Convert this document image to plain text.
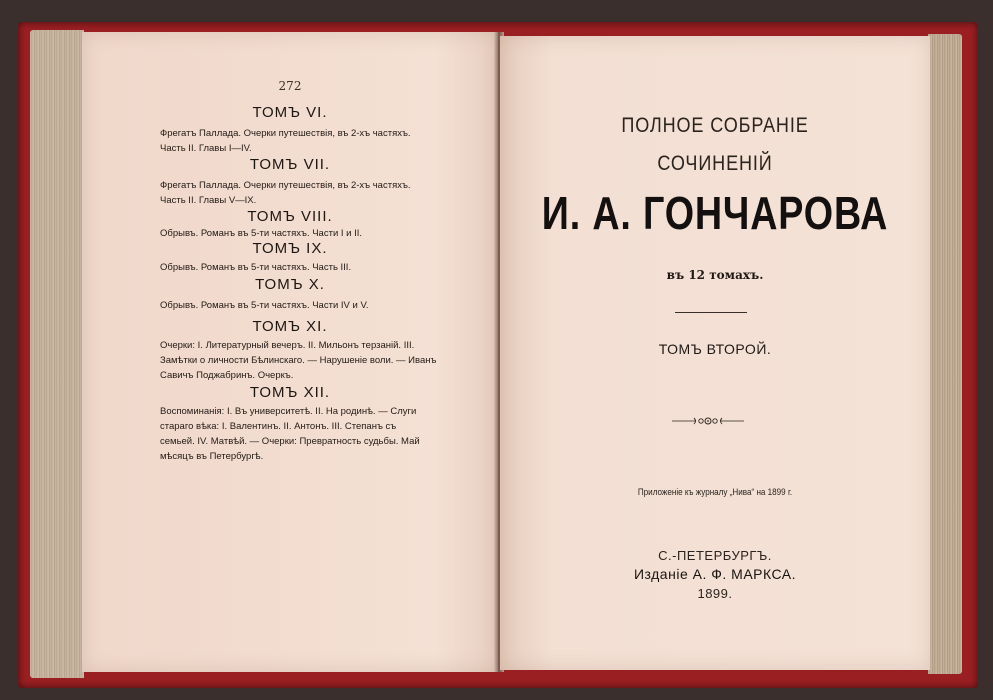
272
ТОМЪ VI.
Фрегатъ Паллада. Очерки путешествія, въ 2-хъ частяхъ.
Часть II. Главы I—IV.
ТОМЪ VII.
Фрегатъ Паллада. Очерки путешествія, въ 2-хъ частяхъ.
Часть II. Главы V—IX.
ТОМЪ VIII.
Обрывъ. Романъ въ 5-ти частяхъ. Части I и II.
ТОМЪ IX.
Обрывъ. Романъ въ 5-ти частяхъ. Часть III.
ТОМЪ X.
Обрывъ. Романъ въ 5-ти частяхъ. Части IV и V.
ТОМЪ XI.
Очерки: I. Литературный вечеръ. II. Мильонъ терзаній. III.
Замѣтки о личности Бѣлинскаго. — Нарушеніе воли. — Иванъ
Савичъ Поджабринъ. Очеркъ.
ТОМЪ XII.
Воспоминанія: I. Въ университетѣ. II. На родинѣ. — Слуги
стараго вѣка: I. Валентинъ. II. Антонъ. III. Степанъ съ
семьей. IV. Матвѣй. — Очерки: Превратность судьбы. Май
мѣсяцъ въ Петербургѣ.
ПОЛНОЕ СОБРАНІЕ
СОЧИНЕНІЙ
И. А. ГОНЧАРОВА
въ 12 томахъ.
ТОМЪ ВТОРОЙ.
Приложеніе къ журналу „Нива“ на 1899 г.
С.-ПЕТЕРБУРГЪ.
Изданіе А. Ф. МАРКСА.
1899.
